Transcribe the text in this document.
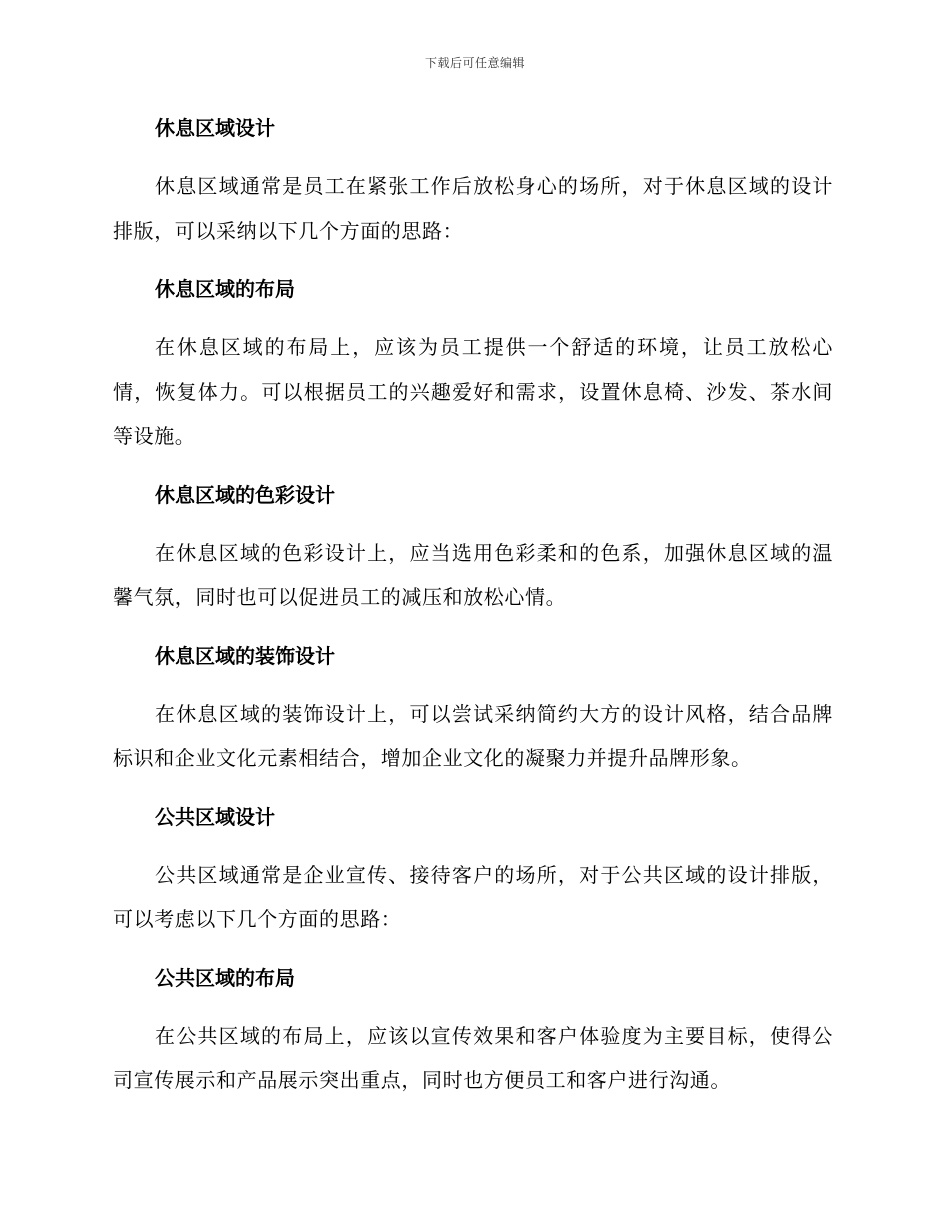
下载后可任意编辑
休息区域设计

休息区域通常是员工在紧张工作后放松身心的场所，对于休息区域的设计排版，可以采纳以下几个方面的思路：

休息区域的布局

在休息区域的布局上，应该为员工提供一个舒适的环境，让员工放松心情，恢复体力。可以根据员工的兴趣爱好和需求，设置休息椅、沙发、茶水间等设施。

休息区域的色彩设计

在休息区域的色彩设计上，应当选用色彩柔和的色系，加强休息区域的温馨气氛，同时也可以促进员工的减压和放松心情。

休息区域的装饰设计

在休息区域的装饰设计上，可以尝试采纳简约大方的设计风格，结合品牌标识和企业文化元素相结合，增加企业文化的凝聚力并提升品牌形象。

公共区域设计

公共区域通常是企业宣传、接待客户的场所，对于公共区域的设计排版，可以考虑以下几个方面的思路：

公共区域的布局

在公共区域的布局上，应该以宣传效果和客户体验度为主要目标，使得公司宣传展示和产品展示突出重点，同时也方便员工和客户进行沟通。
